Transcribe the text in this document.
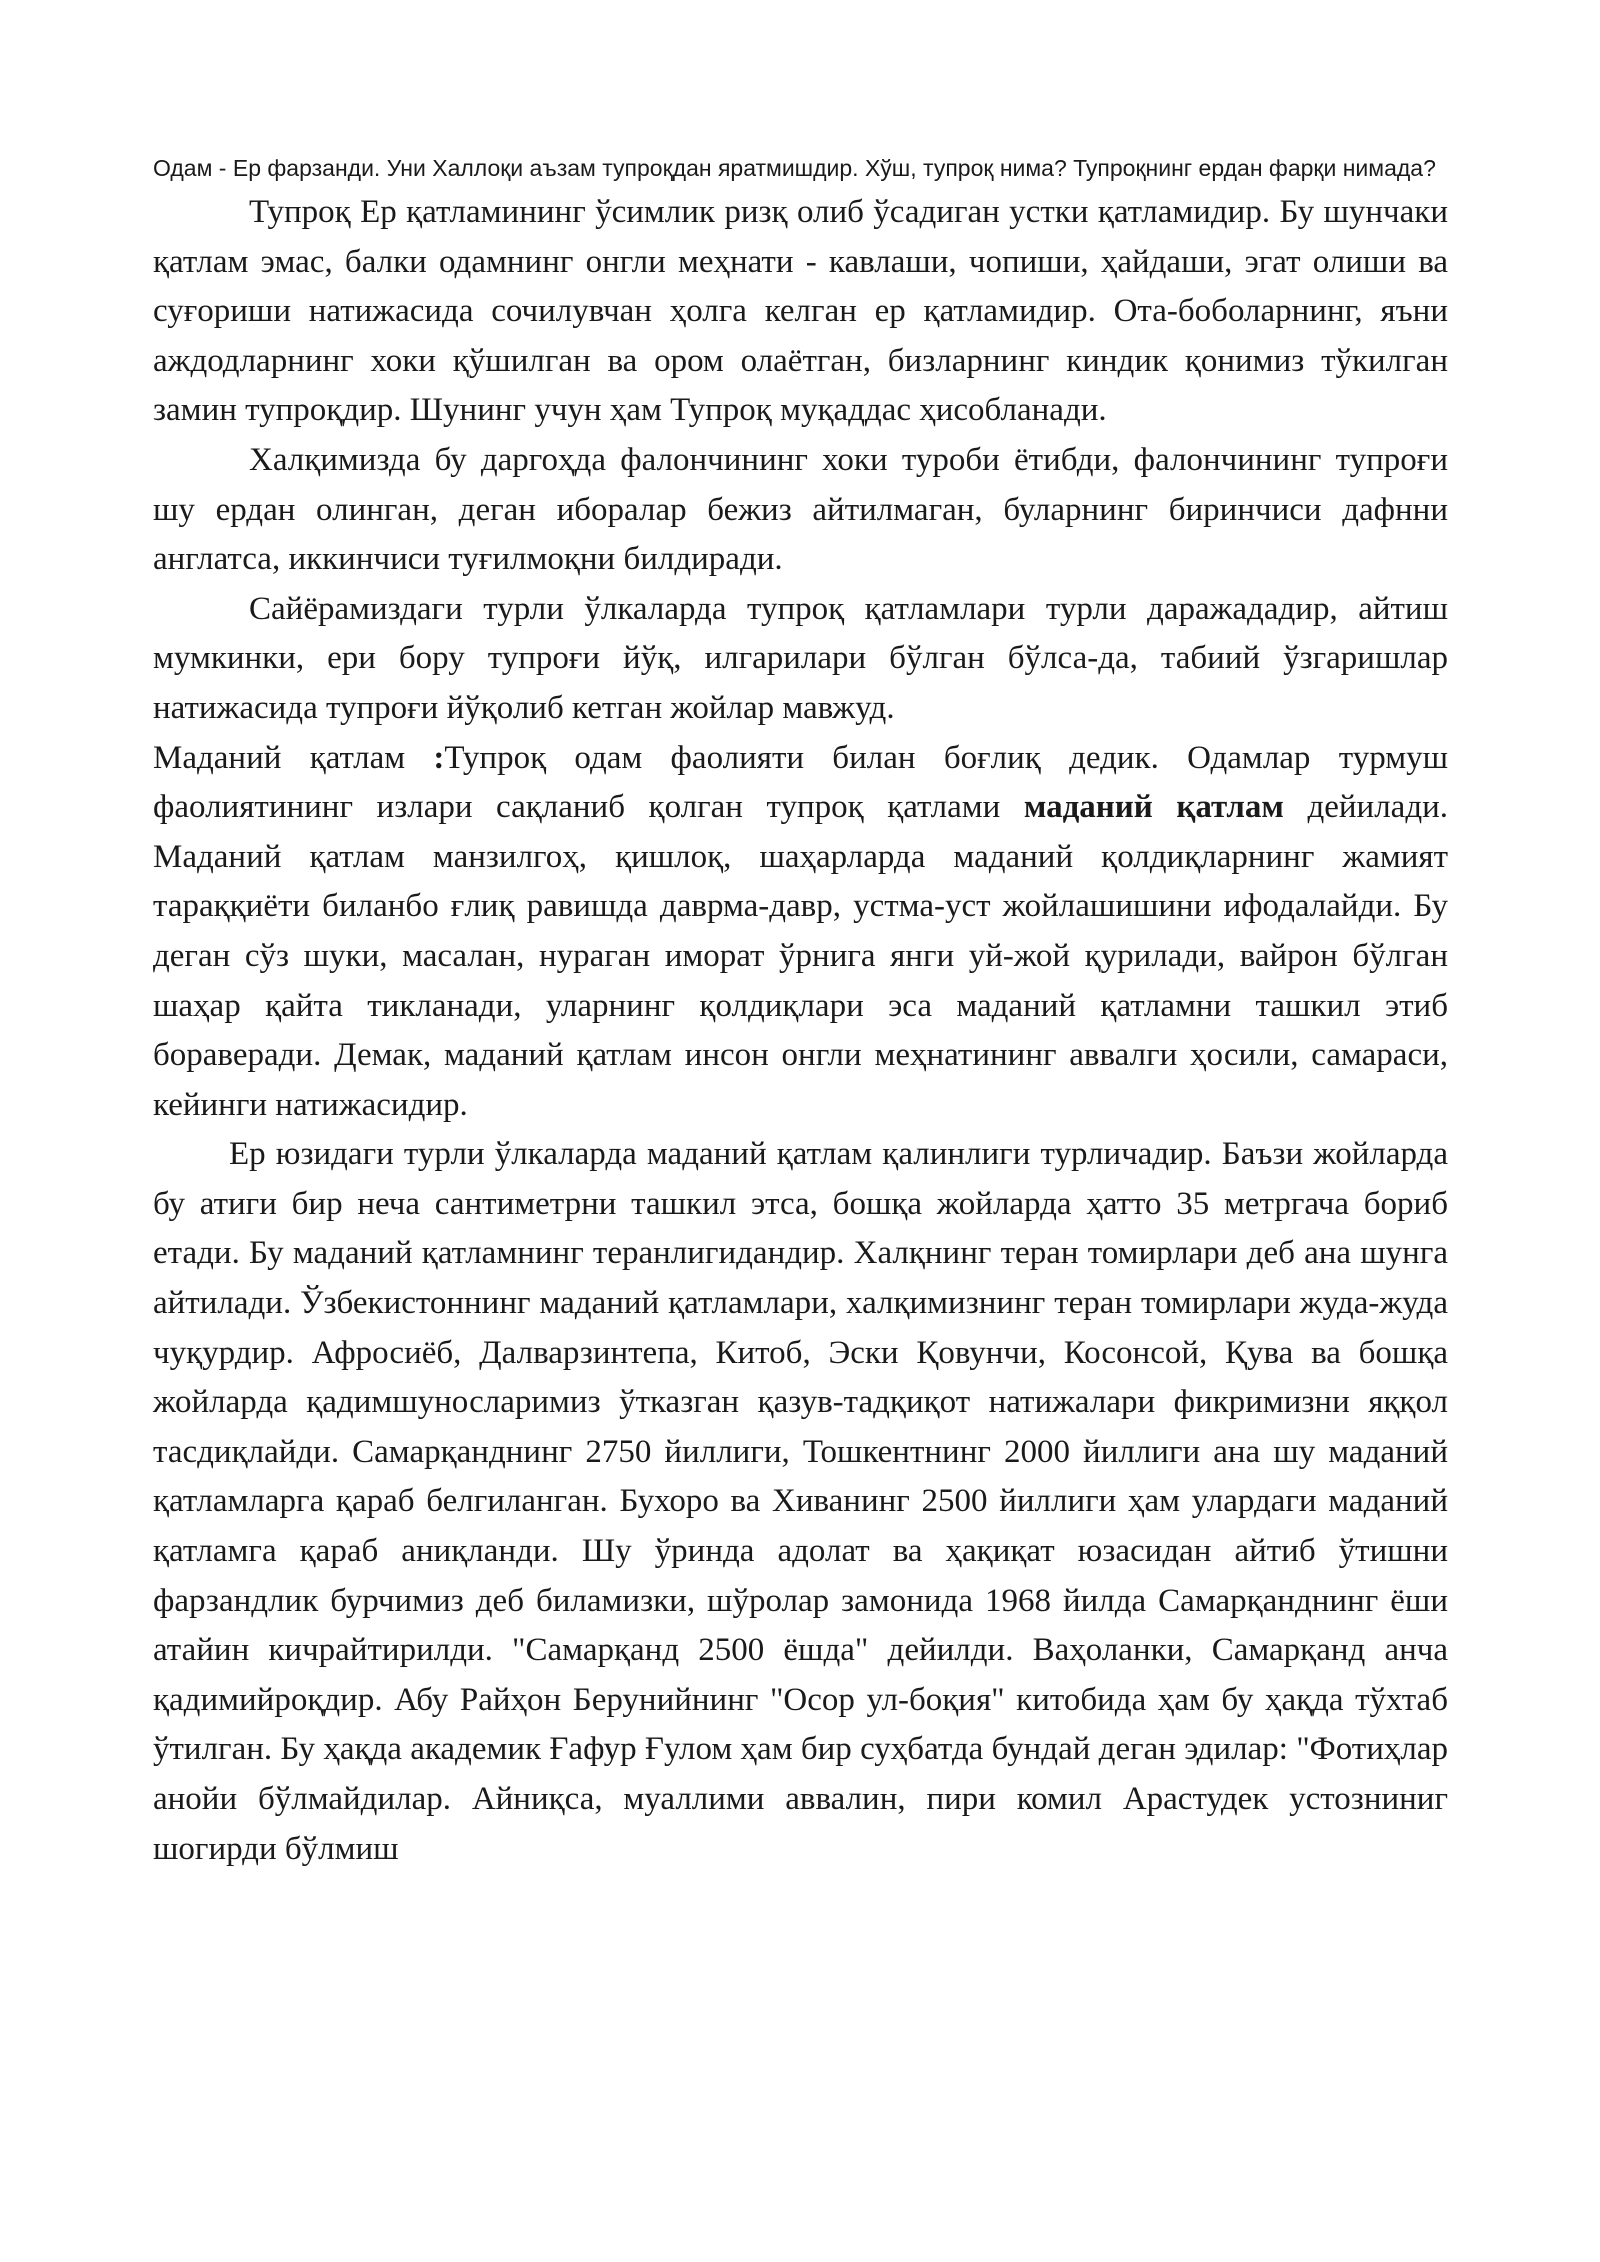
Одам - Ер фарзанди. Уни Халлоқи аъзам тупроқдан яратмишдир. Хўш, тупроқ нима? Тупроқнинг ердан фарқи нимада?

Тупроқ Ер қатламининг ўсимлик ризқ олиб ўсадиган устки қатламидир. Бу шунчаки қатлам эмас, балки одамнинг онгли меҳнати - кавлаши, чопиши, ҳайдаши, эгат олиши ва суғориши натижасида сочилувчан ҳолга келган ер қатламидир. Ота-боболарнинг, яъни аждодларнинг хоки қўшилган ва ором олаётган, бизларнинг киндик қонимиз тўкилган замин тупроқдир. Шунинг учун ҳам Тупроқ муқаддас ҳисобланади.

Халқимизда бу даргоҳда фалончининг хоки туроби ётибди, фалончининг тупроғи шу ердан олинган, деган иборалар бежиз айтилмаган, буларнинг биринчиси дафнни англатса, иккинчиси туғилмоқни билдиради.

Сайёрамиздаги турли ўлкаларда тупроқ қатламлари турли даражададир, айтиш мумкинки, ери бору тупроғи йўқ, илгарилари бўлган бўлса-да, табиий ўзгаришлар натижасида тупроғи йўқолиб кетган жойлар мавжуд.

Маданий қатлам :Тупроқ одам фаолияти билан боғлиқ дедик. Одамлар турмуш фаолиятининг излари сақланиб қолган тупроқ қатлами маданий қатлам дейилади. Маданий қатлам манзилгоҳ, қишлоқ, шаҳарларда маданий қолдиқларнинг жамият тараққиёти биланбо ғлиқ равишда даврма-давр, устма-уст жойлашишини ифодалайди. Бу деган сўз шуки, масалан, нураган иморат ўрнига янги уй-жой қурилади, вайрон бўлган шаҳар қайта тикланади, уларнинг қолдиқлари эса маданий қатламни ташкил этиб бораверади. Демак, маданий қатлам инсон онгли меҳнатининг аввалги ҳосили, самараси, кейинги натижасидир.

Ер юзидаги турли ўлкаларда маданий қатлам қалинлиги турличадир. Баъзи жойларда бу атиги бир неча сантиметрни ташкил этса, бошқа жойларда ҳатто 35 метргача бориб етади. Бу маданий қатламнинг теранлигидандир. Халқнинг теран томирлари деб ана шунга айтилади. Ўзбекистоннинг маданий қатламлари, халқимизнинг теран томирлари жуда-жуда чуқурдир. Афросиёб, Далварзинтепа, Китоб, Эски Қовунчи, Косонсой, Қува ва бошқа жойларда қадимшуносларимиз ўтказган қазув-тадқиқот натижалари фикримизни яққол тасдиқлайди. Самарқанднинг 2750 йиллиги, Тошкентнинг 2000 йиллиги ана шу маданий қатламларга қараб белгиланган. Бухоро ва Хиванинг 2500 йиллиги ҳам улардаги маданий қатламга қараб аниқланди. Шу ўринда адолат ва ҳақиқат юзасидан айтиб ўтишни фарзандлик бурчимиз деб биламизки, шўролар замонида 1968 йилда Самарқанднинг ёши атайин кичрайтирилди. "Самарқанд 2500 ёшда" дейилди. Ваҳоланки, Самарқанд анча қадимийроқдир. Абу Райҳон Берунийнинг "Осор ул-боқия" китобида ҳам бу ҳақда тўхтаб ўтилган. Бу ҳақда академик Ғафур Ғулом ҳам бир суҳбатда бундай деган эдилар: "Фотиҳлар анойи бўлмайдилар. Айниқса, муаллими аввалин, пири комил Арастудек устозниниг шогирди бўлмиш
